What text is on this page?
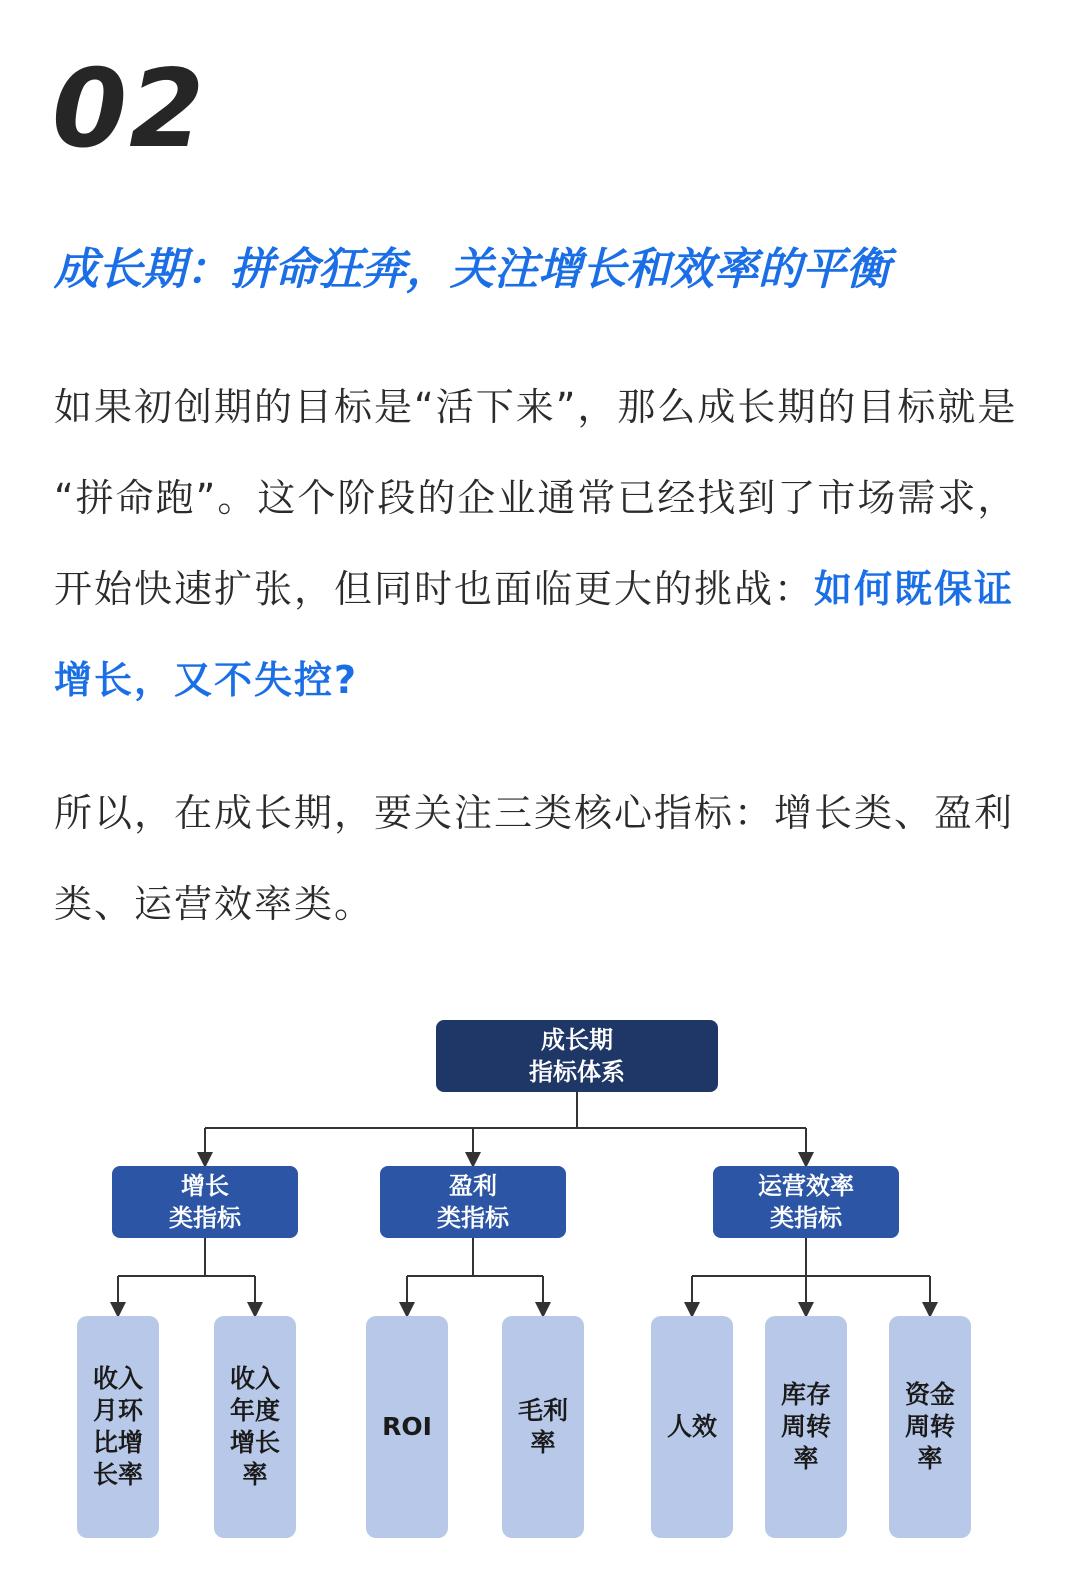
02
成长期：拼命狂奔，关注增长和效率的平衡
如果初创期的目标是“活下来”，那么成长期的目标就是 “拼命跑”。这个阶段的企业通常已经找到了市场需求，开始快速扩张，但同时也面临更大的挑战：如何既保证增长，又不失控?
所以，在成长期，要关注三类核心指标：增长类、盈利类、运营效率类。
成长期
指标体系
增长
类指标
盈利
类指标
运营效率
类指标
收入
月环
比增
长率
收入
年度
增长
率
ROI
毛利
率
人效
库存
周转
率
资金
周转
率
